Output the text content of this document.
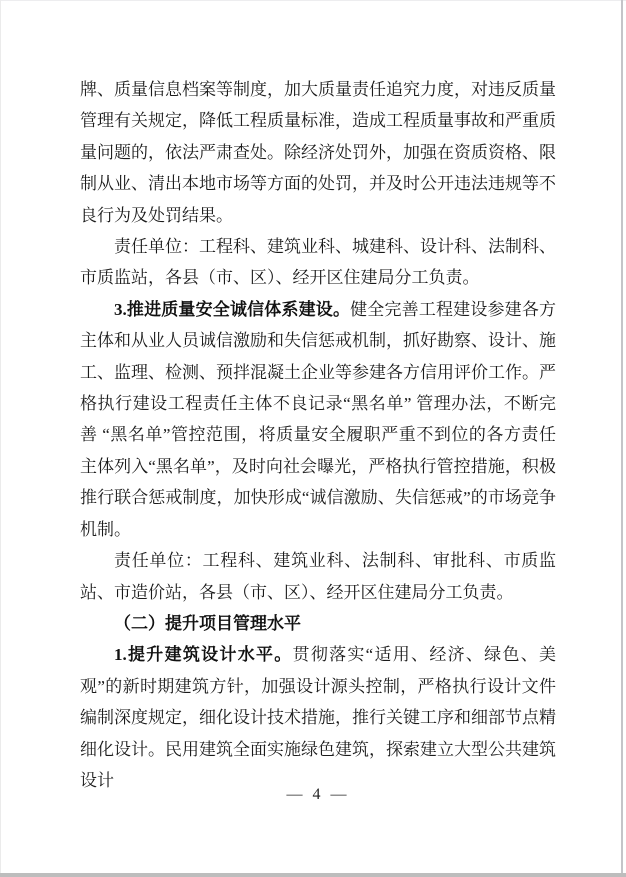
牌、质量信息档案等制度，加大质量责任追究力度，对违反质量管理有关规定，降低工程质量标准，造成工程质量事故和严重质量问题的，依法严肃查处。除经济处罚外，加强在资质资格、限制从业、清出本地市场等方面的处罚，并及时公开违法违规等不良行为及处罚结果。

责任单位：工程科、建筑业科、城建科、设计科、法制科、市质监站，各县（市、区）、经开区住建局分工负责。

3.推进质量安全诚信体系建设。健全完善工程建设参建各方主体和从业人员诚信激励和失信惩戒机制，抓好勘察、设计、施工、监理、检测、预拌混凝土企业等参建各方信用评价工作。严格执行建设工程责任主体不良记录“黑名单” 管理办法，不断完善 “黑名单”管控范围，将质量安全履职严重不到位的各方责任主体列入“黑名单”，及时向社会曝光，严格执行管控措施，积极推行联合惩戒制度，加快形成“诚信激励、失信惩戒”的市场竞争机制。

责任单位：工程科、建筑业科、法制科、审批科、市质监站、市造价站，各县（市、区）、经开区住建局分工负责。

（二）提升项目管理水平

1.提升建筑设计水平。贯彻落实“适用、经济、绿色、美观”的新时期建筑方针，加强设计源头控制，严格执行设计文件编制深度规定，细化设计技术措施，推行关键工序和细部节点精细化设计。民用建筑全面实施绿色建筑，探索建立大型公共建筑设计

— 4 —
